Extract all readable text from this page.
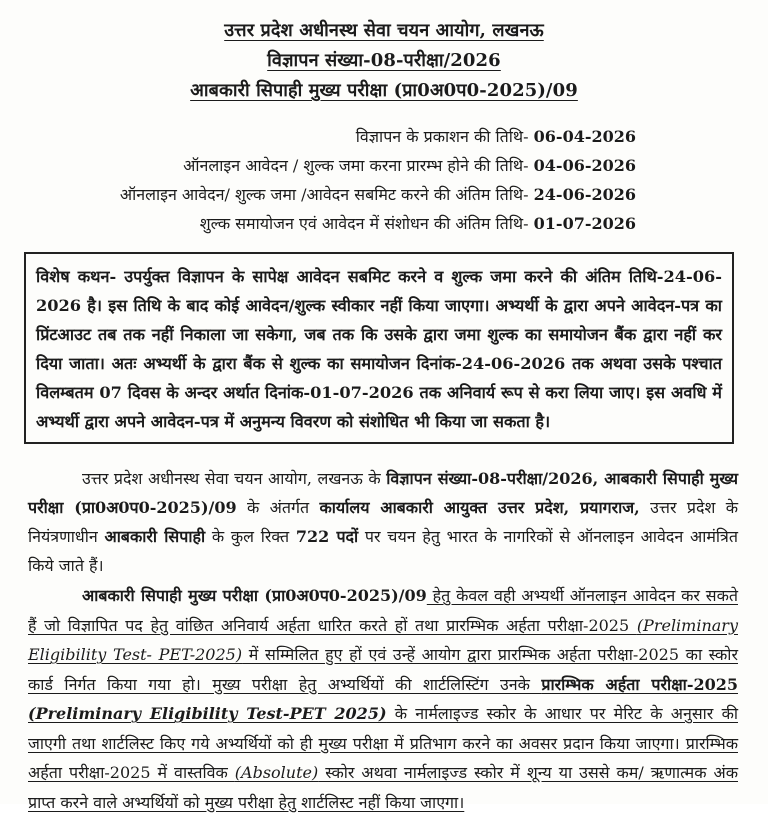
उत्तर प्रदेश अधीनस्थ सेवा चयन आयोग, लखनऊ
विज्ञापन संख्या-08-परीक्षा/2026
आबकारी सिपाही मुख्य परीक्षा (प्रा0अ0प0-2025)/09
विज्ञापन के प्रकाशन की तिथि- 06-04-2026
ऑनलाइन आवेदन / शुल्क जमा करना प्रारम्भ होने की तिथि- 04-06-2026
ऑनलाइन आवेदन/ शुल्क जमा /आवेदन सबमिट करने की अंतिम तिथि- 24-06-2026
शुल्क समायोजन एवं आवेदन में संशोधन की अंतिम तिथि- 01-07-2026
विशेष कथन- उपर्युक्त विज्ञापन के सापेक्ष आवेदन सबमिट करने व शुल्क जमा करने की अंतिम तिथि-24-06-2026 है। इस तिथि के बाद कोई आवेदन/शुल्क स्वीकार नहीं किया जाएगा। अभ्यर्थी के द्वारा अपने आवेदन-पत्र का प्रिंटआउट तब तक नहीं निकाला जा सकेगा, जब तक कि उसके द्वारा जमा शुल्क का समायोजन बैंक द्वारा नहीं कर दिया जाता। अतः अभ्यर्थी के द्वारा बैंक से शुल्क का समायोजन दिनांक-24-06-2026 तक अथवा उसके पश्चात विलम्बतम 07 दिवस के अन्दर अर्थात दिनांक-01-07-2026 तक अनिवार्य रूप से करा लिया जाए। इस अवधि में अभ्यर्थी द्वारा अपने आवेदन-पत्र में अनुमन्य विवरण को संशोधित भी किया जा सकता है।
उत्तर प्रदेश अधीनस्थ सेवा चयन आयोग, लखनऊ के विज्ञापन संख्या-08-परीक्षा/2026, आबकारी सिपाही मुख्य परीक्षा (प्रा0अ0प0-2025)/09 के अंतर्गत कार्यालय आबकारी आयुक्त उत्तर प्रदेश, प्रयागराज, उत्तर प्रदेश के नियंत्रणाधीन आबकारी सिपाही के कुल रिक्त 722 पदों पर चयन हेतु भारत के नागरिकों से ऑनलाइन आवेदन आमंत्रित किये जाते हैं।
आबकारी सिपाही मुख्य परीक्षा (प्रा0अ0प0-2025)/09 हेतु केवल वही अभ्यर्थी ऑनलाइन आवेदन कर सकते हैं जो विज्ञापित पद हेतु वांछित अनिवार्य अर्हता धारित करते हों तथा प्रारम्भिक अर्हता परीक्षा-2025 (Preliminary Eligibility Test- PET-2025) में सम्मिलित हुए हों एवं उन्हें आयोग द्वारा प्रारम्भिक अर्हता परीक्षा-2025 का स्कोर कार्ड निर्गत किया गया हो। मुख्य परीक्षा हेतु अभ्यर्थियों की शार्टलिस्टिंग उनके प्रारम्भिक अर्हता परीक्षा-2025 (Preliminary Eligibility Test-PET 2025) के नार्मलाइज्ड स्कोर के आधार पर मेरिट के अनुसार की जाएगी तथा शार्टलिस्ट किए गये अभ्यर्थियों को ही मुख्य परीक्षा में प्रतिभाग करने का अवसर प्रदान किया जाएगा। प्रारम्भिक अर्हता परीक्षा-2025 में वास्तविक (Absolute) स्कोर अथवा नार्मलाइज्ड स्कोर में शून्य या उससे कम/ ऋणात्मक अंक प्राप्त करने वाले अभ्यर्थियों को मुख्य परीक्षा हेतु शार्टलिस्ट नहीं किया जाएगा।
